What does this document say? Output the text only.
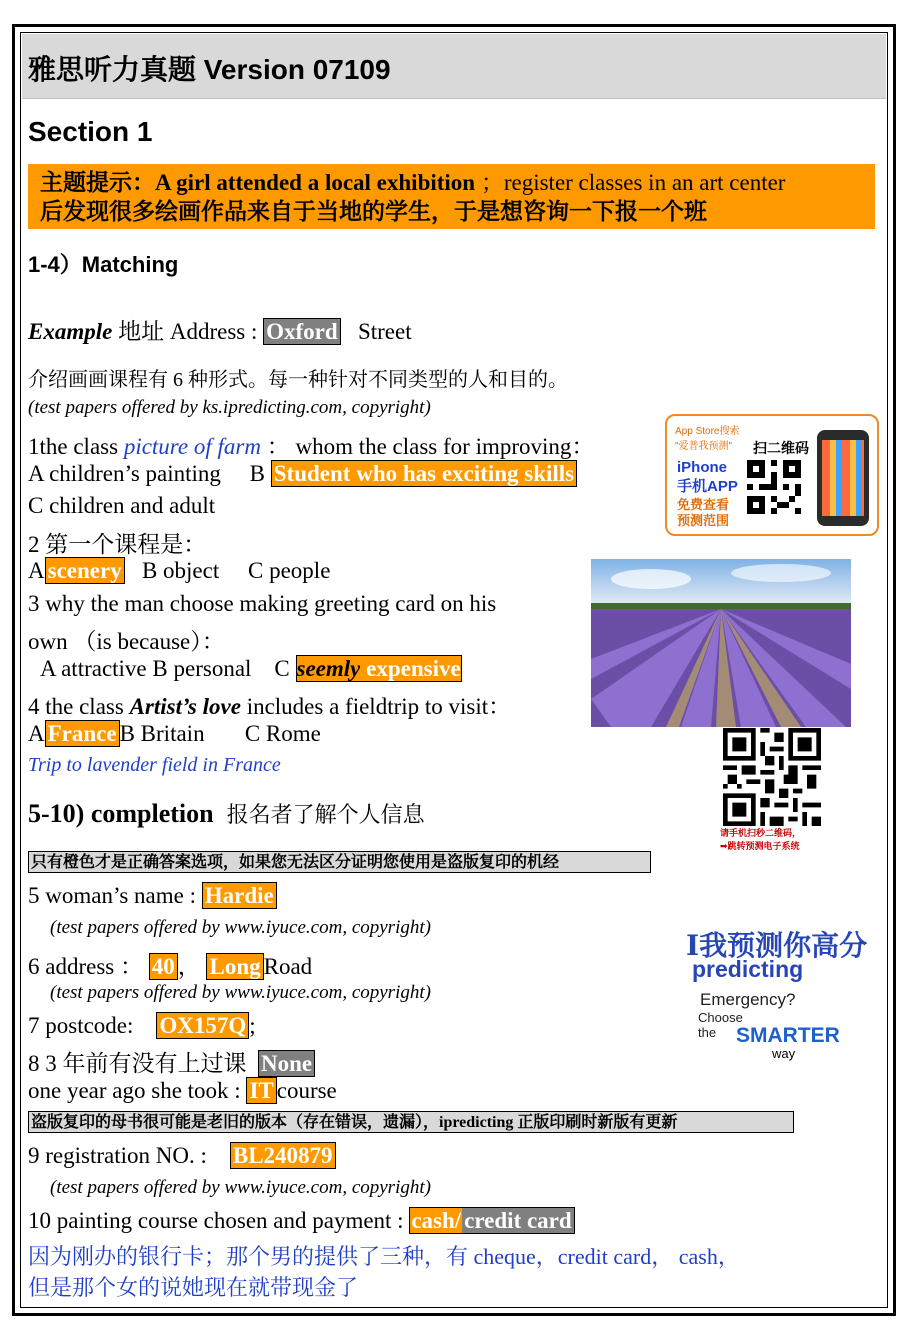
雅思听力真题 Version 07109
Section 1
主题提示：A girl attended a local exhibition ；register classes in an art center
后发现很多绘画作品来自于当地的学生，于是想咨询一下报一个班
1-4）Matching
Example 地址 Address : Oxford Street
介绍画画课程有 6 种形式。每一种针对不同类型的人和目的。
(test papers offered by ks.ipredicting.com, copyright)
1the class picture of farm ： whom the class for improving：
A children’s painting B Student who has exciting skills
C children and adult
2 第一个课程是：
A scenery B object C people
3 why the man choose making greeting card on his
own （is because）：
A attractive B personal C seemly expensive
4 the class Artist’s love includes a fieldtrip to visit：
A France B Britain C Rome
Trip to lavender field in France
5-10) completion 报名者了解个人信息
只有橙色才是正确答案选项，如果您无法区分证明您使用是盗版复印的机经
5 woman’s name : Hardie
(test papers offered by www.iyuce.com, copyright)
6 address ： 40 ， Long Road
(test papers offered by www.iyuce.com, copyright)
7 postcode: OX157Q ;
8 3 年前有没有上过课 None
one year ago she took : IT course
盗版复印的母书很可能是老旧的版本（存在错误，遗漏），ipredicting 正版印刷时新版有更新
9 registration NO. : BL240879
(test papers offered by www.iyuce.com, copyright)
10 painting course chosen and payment : cash/ credit card
因为刚办的银行卡；那个男的提供了三种，有 cheque，credit card， cash，
但是那个女的说她现在就带现金了
App Store搜索
"爱普我预测"	扫二维码
iPhone
手机APP
免费查看
预测范围
请手机扫秒二维码，
➡跳转预测电子系统
I我预测你高分
predicting
Emergency?
Choose
the SMARTER
way
